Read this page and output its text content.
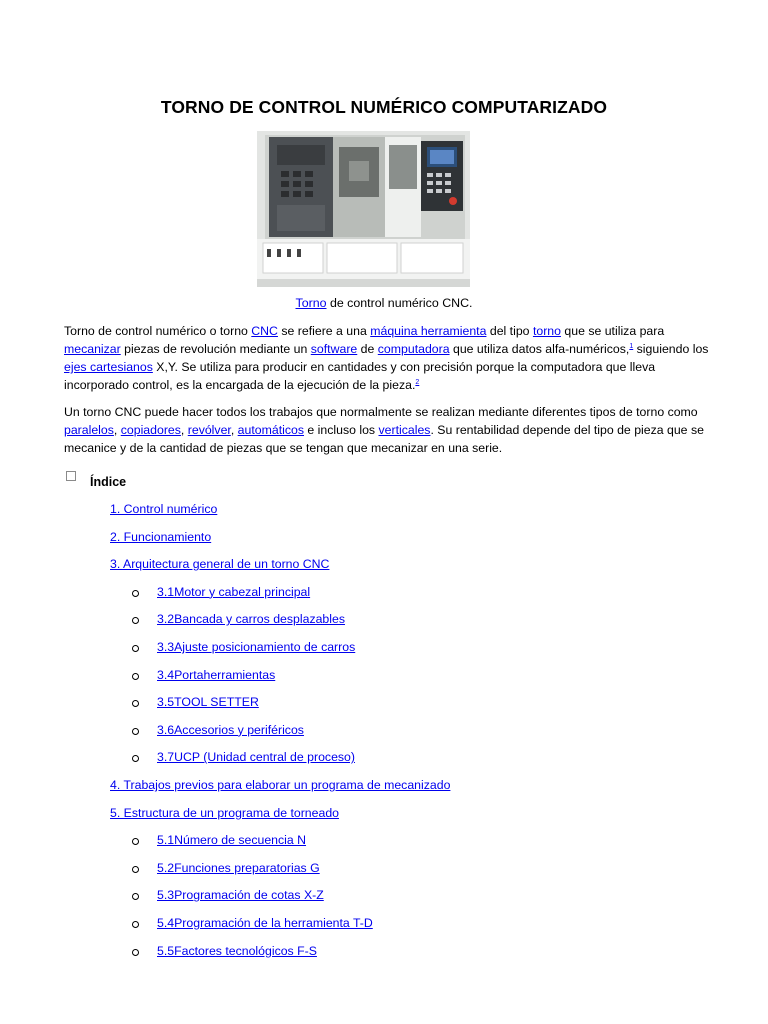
TORNO DE CONTROL NUMÉRICO COMPUTARIZADO
Torno de control numérico CNC.

Torno de control numérico o torno CNC se refiere a una máquina herramienta del tipo torno que se utiliza para mecanizar piezas de revolución mediante un software de computadora que utiliza datos alfa-numéricos,$^1$ siguiendo los ejes cartesianos X,Y. Se utiliza para producir en cantidades y con precisión porque la computadora que lleva incorporado control, es la encargada de la ejecución de la pieza.$^2$

Un torno CNC puede hacer todos los trabajos que normalmente se realizan mediante diferentes tipos de torno como paralelos, copiadores, revólver, automáticos e incluso los verticales. Su rentabilidad depende del tipo de pieza que se mecanice y de la cantidad de piezas que se tengan que mecanizar en una serie.

Índice
1. Control numérico
2. Funcionamiento
3. Arquitectura general de un torno CNC
3.1Motor y cabezal principal
3.2Bancada y carros desplazables
3.3Ajuste posicionamiento de carros
3.4Portaherramientas
3.5TOOL SETTER
3.6Accesorios y periféricos
3.7UCP (Unidad central de proceso)
4. Trabajos previos para elaborar un programa de mecanizado
5. Estructura de un programa de torneado
5.1Número de secuencia N
5.2Funciones preparatorias G
5.3Programación de cotas X-Z
5.4Programación de la herramienta T-D
5.5Factores tecnológicos F-S
